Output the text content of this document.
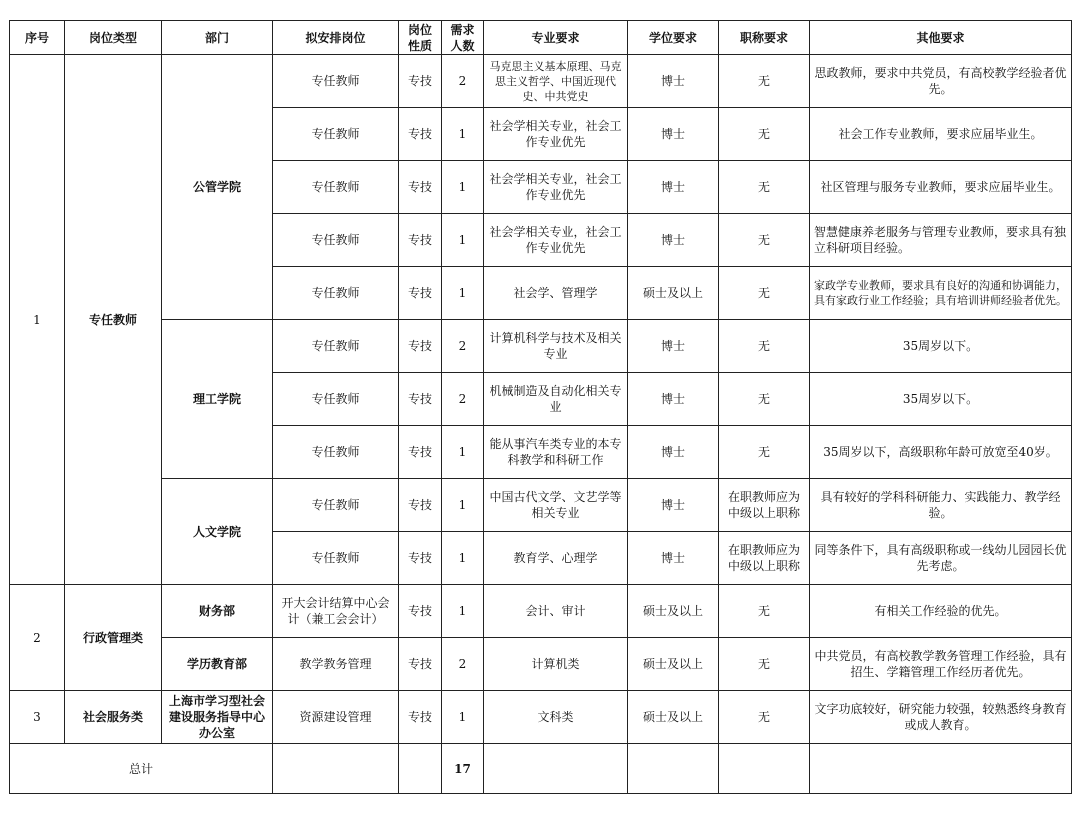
序号	岗位类型	部门	拟安排岗位	岗位性质	需求人数	专业要求	学位要求	职称要求	其他要求
1	专任教师	公管学院	专任教师	专技	2	马克思主义基本原理、马克思主义哲学、中国近现代史、中共党史	博士	无	思政教师，要求中共党员，有高校教学经验者优先。
			专任教师	专技	1	社会学相关专业，社会工作专业优先	博士	无	社会工作专业教师，要求应届毕业生。
			专任教师	专技	1	社会学相关专业，社会工作专业优先	博士	无	社区管理与服务专业教师，要求应届毕业生。
			专任教师	专技	1	社会学相关专业，社会工作专业优先	博士	无	智慧健康养老服务与管理专业教师，要求具有独立科研项目经验。
			专任教师	专技	1	社会学、管理学	硕士及以上	无	家政学专业教师，要求具有良好的沟通和协调能力，具有家政行业工作经验；具有培训讲师经验者优先。
		理工学院	专任教师	专技	2	计算机科学与技术及相关专业	博士	无	35周岁以下。
			专任教师	专技	2	机械制造及自动化相关专业	博士	无	35周岁以下。
			专任教师	专技	1	能从事汽车类专业的本专科教学和科研工作	博士	无	35周岁以下，高级职称年龄可放宽至40岁。
		人文学院	专任教师	专技	1	中国古代文学、文艺学等相关专业	博士	在职教师应为中级以上职称	具有较好的学科科研能力、实践能力、教学经验。
			专任教师	专技	1	教育学、心理学	博士	在职教师应为中级以上职称	同等条件下，具有高级职称或一线幼儿园园长优先考虑。
2	行政管理类	财务部	开大会计结算中心会计（兼工会会计）	专技	1	会计、审计	硕士及以上	无	有相关工作经验的优先。
		学历教育部	教学教务管理	专技	2	计算机类	硕士及以上	无	中共党员，有高校教学教务管理工作经验，具有招生、学籍管理工作经历者优先。
3	社会服务类	上海市学习型社会建设服务指导中心办公室	资源建设管理	专技	1	文科类	硕士及以上	无	文字功底较好，研究能力较强，较熟悉终身教育或成人教育。
总计					17				
